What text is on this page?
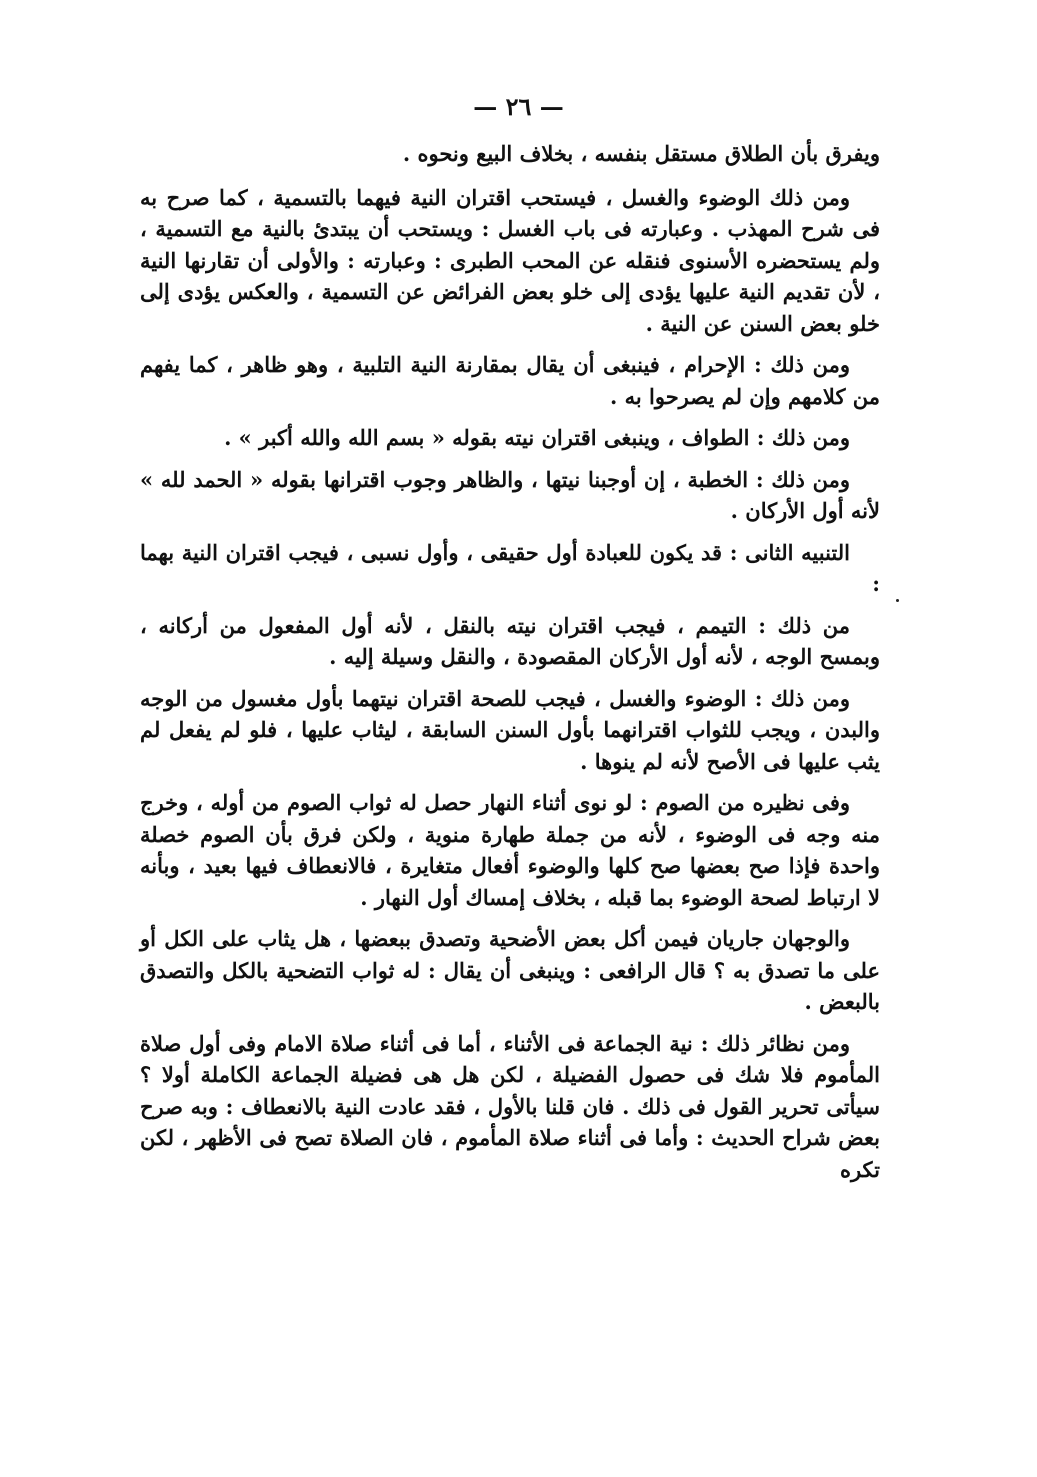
— ٢٦ —

ويفرق بأن الطلاق مستقل بنفسه ، بخلاف البيع ونحوه .

ومن ذلك الوضوء والغسل ، فيستحب اقتران النية فيهما بالتسمية ، كما صرح به فى شرح المهذب . وعبارته فى باب الغسل : ويستحب أن يبتدئ بالنية مع التسمية ، ولم يستحضره الأسنوى فنقله عن المحب الطبرى : وعبارته : والأولى أن تقارنها النية ، لأن تقديم النية عليها يؤدى إلى خلو بعض الفرائض عن التسمية ، والعكس يؤدى إلى خلو بعض السنن عن النية .

ومن ذلك : الإحرام ، فينبغى أن يقال بمقارنة النية التلبية ، وهو ظاهر ، كما يفهم من كلامهم وإن لم يصرحوا به .

ومن ذلك : الطواف ، وينبغى اقتران نيته بقوله « بسم الله والله أكبر » .

ومن ذلك : الخطبة ، إن أوجبنا نيتها ، والظاهر وجوب اقترانها بقوله « الحمد لله » لأنه أول الأركان .

التنبيه الثانى : قد يكون للعبادة أول حقيقى ، وأول نسبى ، فيجب اقتران النية بهما :

من ذلك : التيمم ، فيجب اقتران نيته بالنقل ، لأنه أول المفعول من أركانه ، وبمسح الوجه ، لأنه أول الأركان المقصودة ، والنقل وسيلة إليه .

ومن ذلك : الوضوء والغسل ، فيجب للصحة اقتران نيتهما بأول مغسول من الوجه والبدن ، ويجب للثواب اقترانهما بأول السنن السابقة ، ليثاب عليها ، فلو لم يفعل لم يثب عليها فى الأصح لأنه لم ينوها .

وفى نظيره من الصوم : لو نوى أثناء النهار حصل له ثواب الصوم من أوله ، وخرج منه وجه فى الوضوء ، لأنه من جملة طهارة منوية ، ولكن فرق بأن الصوم خصلة واحدة فإذا صح بعضها صح كلها والوضوء أفعال متغايرة ، فالانعطاف فيها بعيد ، وبأنه لا ارتباط لصحة الوضوء بما قبله ، بخلاف إمساك أول النهار .

والوجهان جاريان فيمن أكل بعض الأضحية وتصدق ببعضها ، هل يثاب على الكل أو على ما تصدق به ؟ قال الرافعى : وينبغى أن يقال : له ثواب التضحية بالكل والتصدق بالبعض .

ومن نظائر ذلك : نية الجماعة فى الأثناء ، أما فى أثناء صلاة الامام وفى أول صلاة المأموم فلا شك فى حصول الفضيلة ، لكن هل هى فضيلة الجماعة الكاملة أولا ؟ سيأتى تحرير القول فى ذلك . فان قلنا بالأول ، فقد عادت النية بالانعطاف : وبه صرح بعض شراح الحديث : وأما فى أثناء صلاة المأموم ، فان الصلاة تصح فى الأظهر ، لكن تكره
